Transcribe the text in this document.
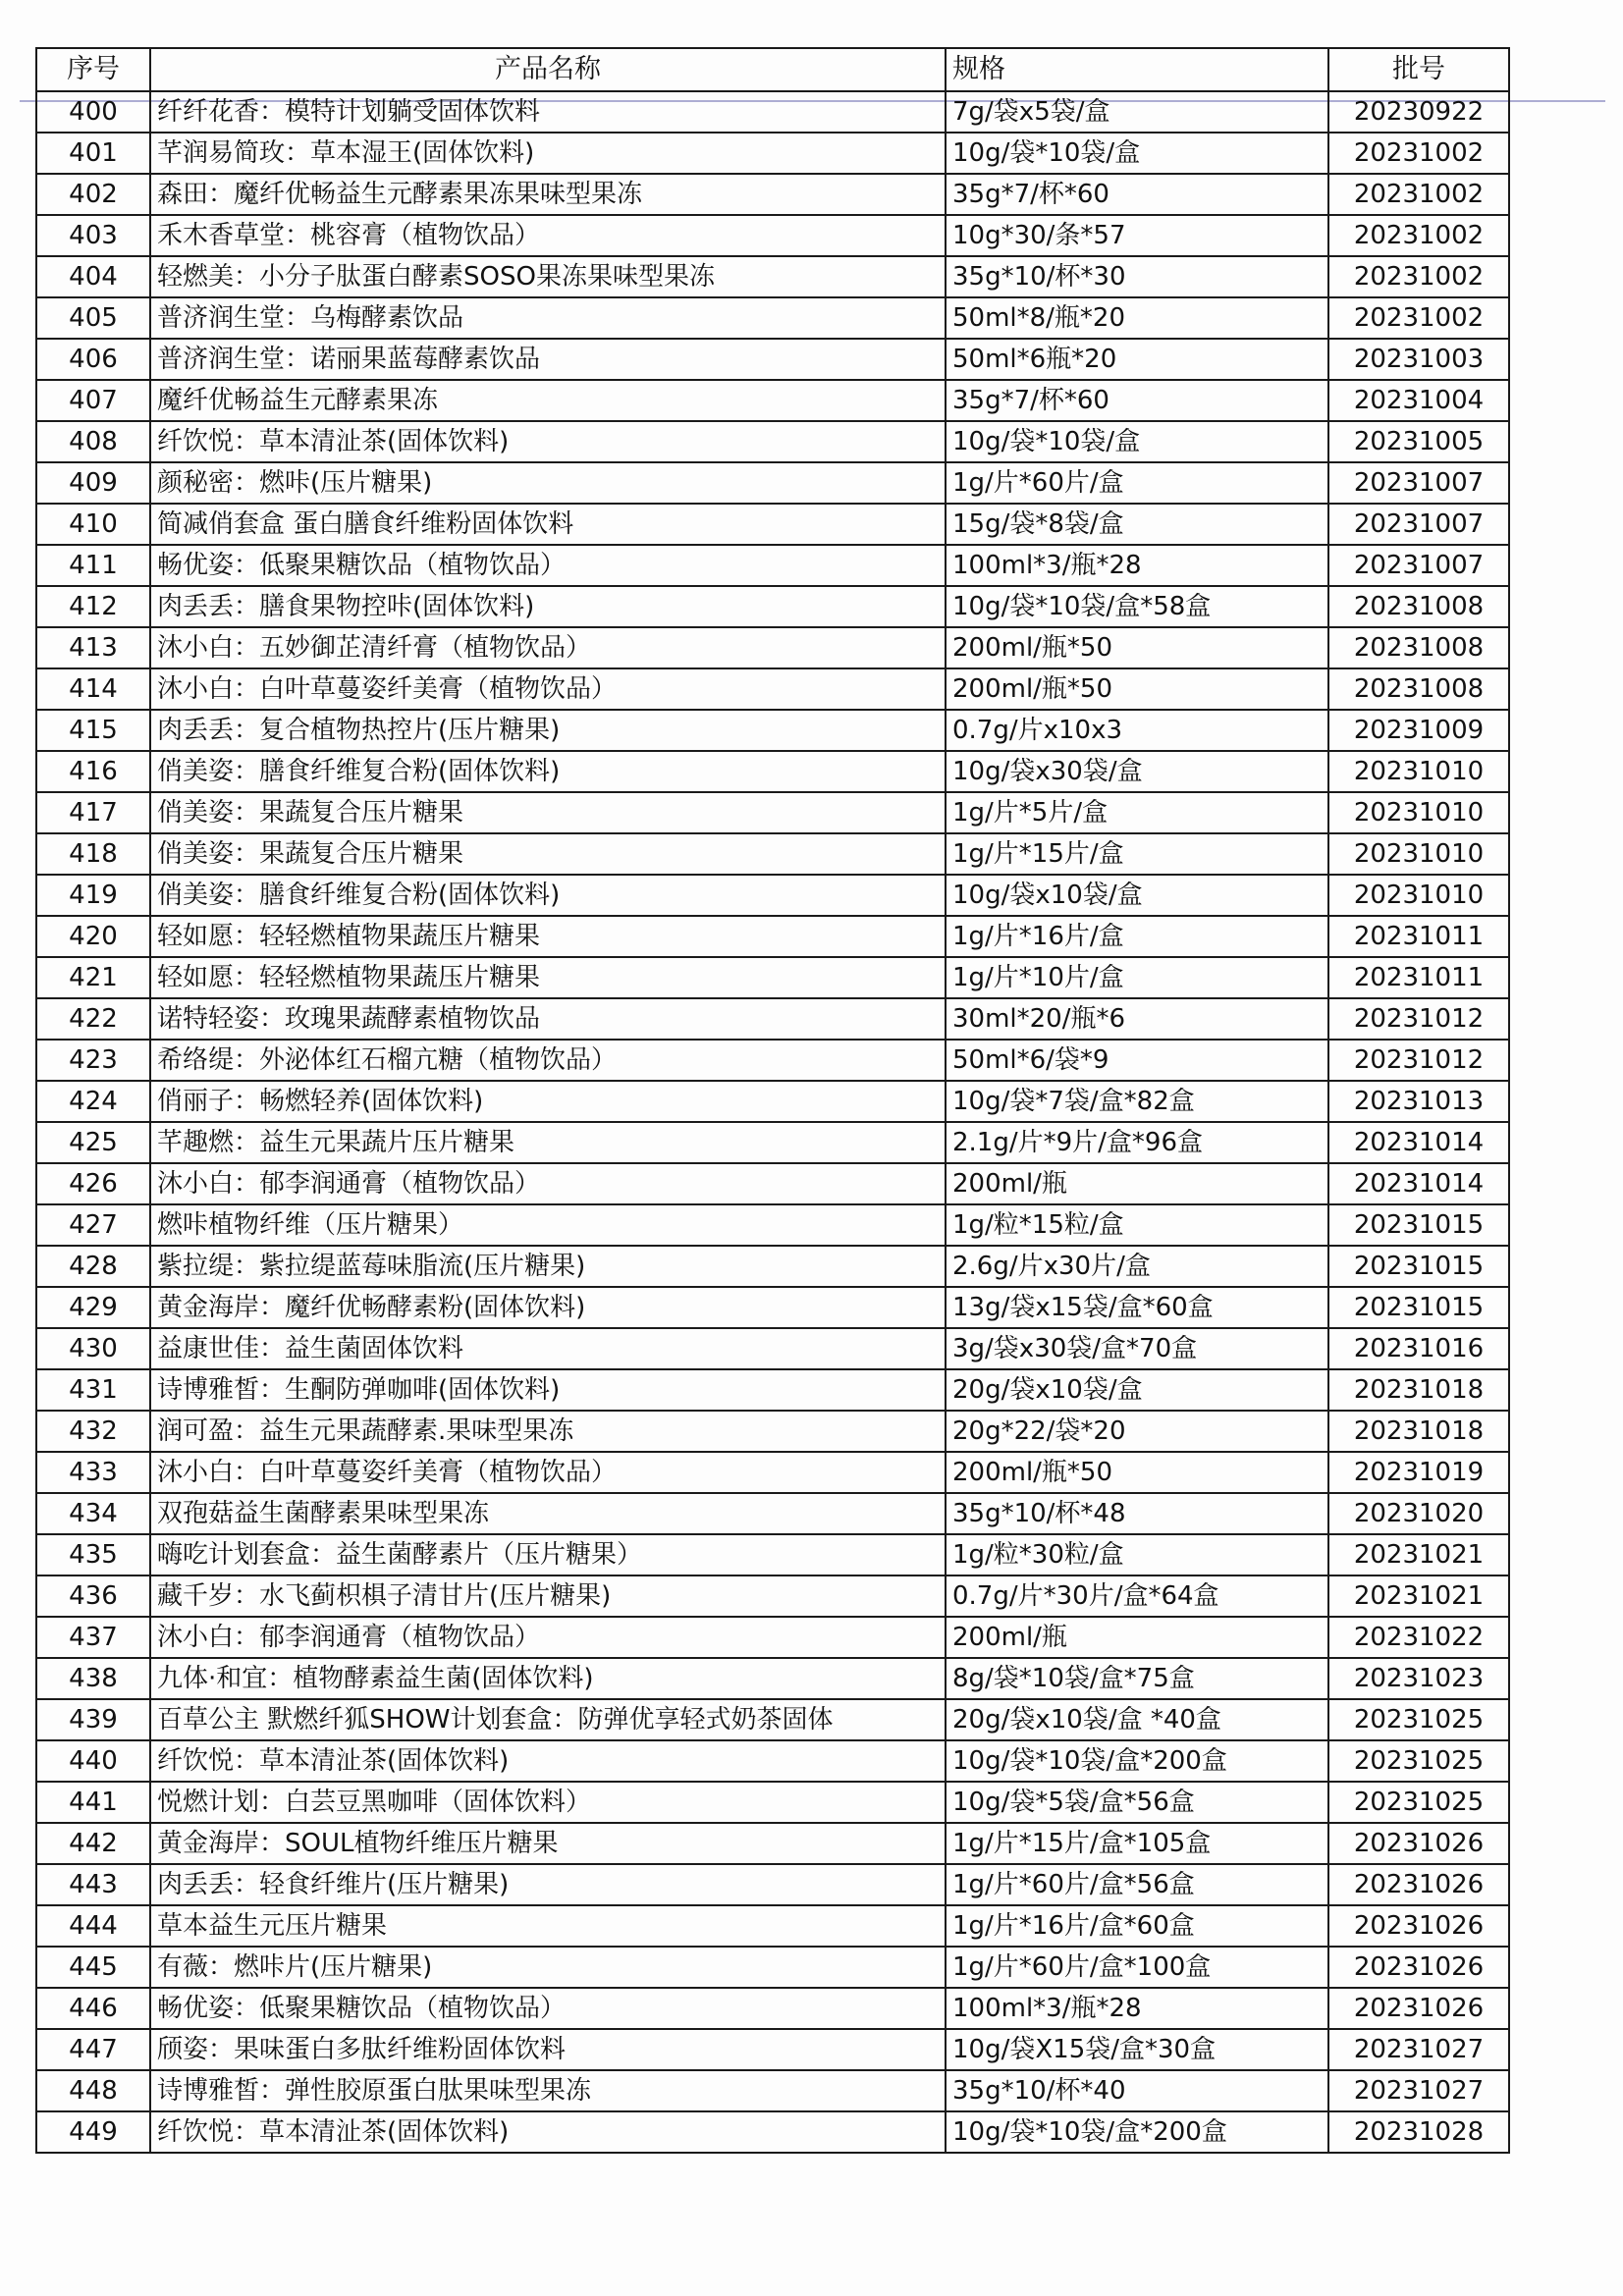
序号	产品名称	规格	批号
400	纤纤花香：模特计划躺受固体饮料	7g/袋x5袋/盒	20230922
401	芊润易简玫：草本湿王(固体饮料)	10g/袋*10袋/盒	20231002
402	森田：魔纤优畅益生元酵素果冻果味型果冻	35g*7/杯*60	20231002
403	禾木香草堂：桃容膏（植物饮品）	10g*30/条*57	20231002
404	轻燃美：小分子肽蛋白酵素SOSO果冻果味型果冻	35g*10/杯*30	20231002
405	普济润生堂：乌梅酵素饮品	50ml*8/瓶*20	20231002
406	普济润生堂：诺丽果蓝莓酵素饮品	50ml*6瓶*20	20231003
407	魔纤优畅益生元酵素果冻	35g*7/杯*60	20231004
408	纤饮悦：草本清沚茶(固体饮料)	10g/袋*10袋/盒	20231005
409	颜秘密：燃咔(压片糖果)	1g/片*60片/盒	20231007
410	简减俏套盒 蛋白膳食纤维粉固体饮料	15g/袋*8袋/盒	20231007
411	畅优姿：低聚果糖饮品（植物饮品）	100ml*3/瓶*28	20231007
412	肉丢丢：膳食果物控咔(固体饮料)	10g/袋*10袋/盒*58盒	20231008
413	沐小白：五妙御芷清纤膏（植物饮品）	200ml/瓶*50	20231008
414	沐小白：白叶草蔓姿纤美膏（植物饮品）	200ml/瓶*50	20231008
415	肉丢丢：复合植物热控片(压片糖果)	0.7g/片x10x3	20231009
416	俏美姿：膳食纤维复合粉(固体饮料)	10g/袋x30袋/盒	20231010
417	俏美姿：果蔬复合压片糖果	1g/片*5片/盒	20231010
418	俏美姿：果蔬复合压片糖果	1g/片*15片/盒	20231010
419	俏美姿：膳食纤维复合粉(固体饮料)	10g/袋x10袋/盒	20231010
420	轻如愿：轻轻燃植物果蔬压片糖果	1g/片*16片/盒	20231011
421	轻如愿：轻轻燃植物果蔬压片糖果	1g/片*10片/盒	20231011
422	诺特轻姿：玫瑰果蔬酵素植物饮品	30ml*20/瓶*6	20231012
423	希络缇：外泌体红石榴亢糖（植物饮品）	50ml*6/袋*9	20231012
424	俏丽子：畅燃轻养(固体饮料)	10g/袋*7袋/盒*82盒	20231013
425	芊趣燃：益生元果蔬片压片糖果	2.1g/片*9片/盒*96盒	20231014
426	沐小白：郁李润通膏（植物饮品）	200ml/瓶	20231014
427	燃咔植物纤维（压片糖果）	1g/粒*15粒/盒	20231015
428	紫拉缇：紫拉缇蓝莓味脂流(压片糖果)	2.6g/片x30片/盒	20231015
429	黄金海岸：魔纤优畅酵素粉(固体饮料)	13g/袋x15袋/盒*60盒	20231015
430	益康世佳：益生菌固体饮料	3g/袋x30袋/盒*70盒	20231016
431	诗博雅皙：生酮防弹咖啡(固体饮料)	20g/袋x10袋/盒	20231018
432	润可盈：益生元果蔬酵素.果味型果冻	20g*22/袋*20	20231018
433	沐小白：白叶草蔓姿纤美膏（植物饮品）	200ml/瓶*50	20231019
434	双孢菇益生菌酵素果味型果冻	35g*10/杯*48	20231020
435	嗨吃计划套盒：益生菌酵素片（压片糖果）	1g/粒*30粒/盒	20231021
436	藏千岁：水飞蓟枳椇子清甘片(压片糖果)	0.7g/片*30片/盒*64盒	20231021
437	沐小白：郁李润通膏（植物饮品）	200ml/瓶	20231022
438	九体·和宜：植物酵素益生菌(固体饮料)	8g/袋*10袋/盒*75盒	20231023
439	百草公主 默燃纤狐SHOW计划套盒：防弹优享轻式奶茶固体	20g/袋x10袋/盒 *40盒	20231025
440	纤饮悦：草本清沚茶(固体饮料)	10g/袋*10袋/盒*200盒	20231025
441	悦燃计划：白芸豆黑咖啡（固体饮料）	10g/袋*5袋/盒*56盒	20231025
442	黄金海岸：SOUL植物纤维压片糖果	1g/片*15片/盒*105盒	20231026
443	肉丢丢：轻食纤维片(压片糖果)	1g/片*60片/盒*56盒	20231026
444	草本益生元压片糖果	1g/片*16片/盒*60盒	20231026
445	有薇：燃咔片(压片糖果)	1g/片*60片/盒*100盒	20231026
446	畅优姿：低聚果糖饮品（植物饮品）	100ml*3/瓶*28	20231026
447	颀姿：果味蛋白多肽纤维粉固体饮料	10g/袋X15袋/盒*30盒	20231027
448	诗博雅皙：弹性胶原蛋白肽果味型果冻	35g*10/杯*40	20231027
449	纤饮悦：草本清沚茶(固体饮料)	10g/袋*10袋/盒*200盒	20231028
